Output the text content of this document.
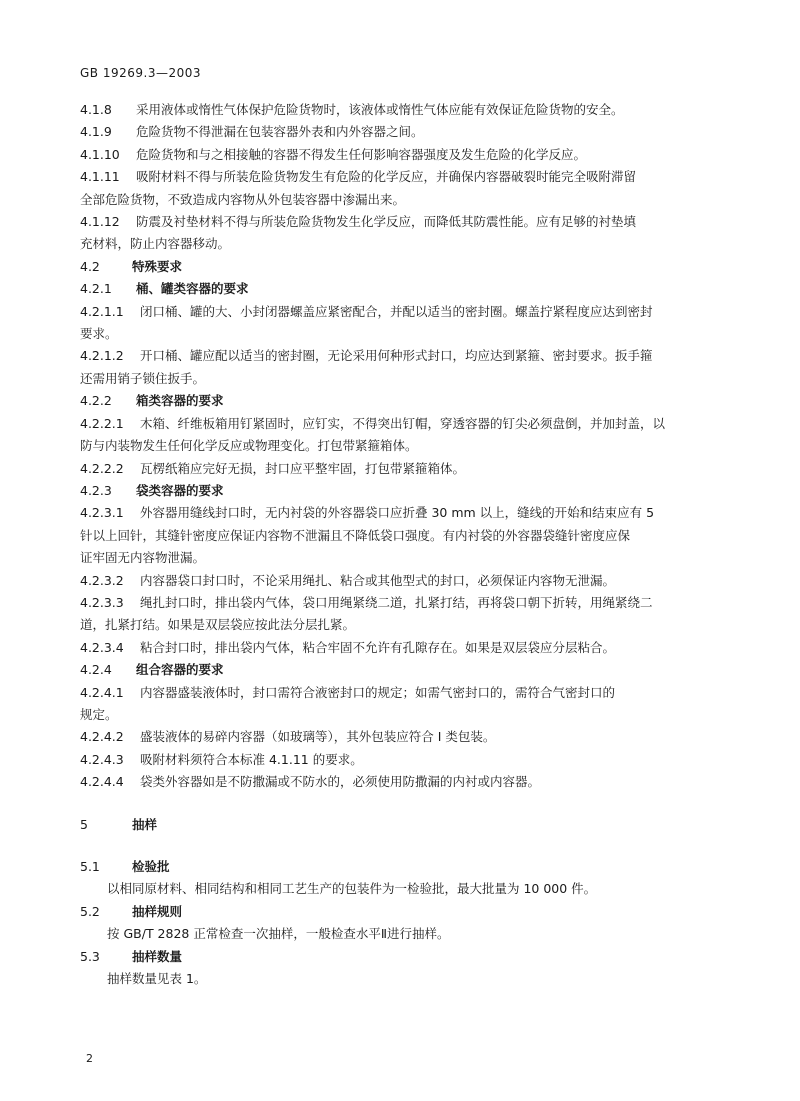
GB 19269.3—2003
4.1.8 采用液体或惰性气体保护危险货物时，该液体或惰性气体应能有效保证危险货物的安全。
4.1.9 危险货物不得泄漏在包装容器外表和内外容器之间。
4.1.10 危险货物和与之相接触的容器不得发生任何影响容器强度及发生危险的化学反应。
4.1.11 吸附材料不得与所装危险货物发生有危险的化学反应，并确保内容器破裂时能完全吸附滞留
全部危险货物，不致造成内容物从外包装容器中渗漏出来。
4.1.12 防震及衬垫材料不得与所装危险货物发生化学反应，而降低其防震性能。应有足够的衬垫填
充材料，防止内容器移动。
4.2	特殊要求
4.2.1 桶、罐类容器的要求
4.2.1.1 闭口桶、罐的大、小封闭器螺盖应紧密配合，并配以适当的密封圈。螺盖拧紧程度应达到密封
要求。
4.2.1.2 开口桶、罐应配以适当的密封圈，无论采用何种形式封口，均应达到紧箍、密封要求。扳手箍
还需用销子锁住扳手。
4.2.2 箱类容器的要求
4.2.2.1 木箱、纤维板箱用钉紧固时，应钉实，不得突出钉帽，穿透容器的钉尖必须盘倒，并加封盖，以
防与内装物发生任何化学反应或物理变化。打包带紧箍箱体。
4.2.2.2 瓦楞纸箱应完好无损，封口应平整牢固，打包带紧箍箱体。
4.2.3 袋类容器的要求
4.2.3.1 外容器用缝线封口时，无内衬袋的外容器袋口应折叠 30 mm 以上，缝线的开始和结束应有 5
针以上回针，其缝针密度应保证内容物不泄漏且不降低袋口强度。有内衬袋的外容器袋缝针密度应保
证牢固无内容物泄漏。
4.2.3.2 内容器袋口封口时，不论采用绳扎、粘合或其他型式的封口，必须保证内容物无泄漏。
4.2.3.3 绳扎封口时，排出袋内气体，袋口用绳紧绕二道，扎紧打结，再将袋口朝下折转，用绳紧绕二
道，扎紧打结。如果是双层袋应按此法分层扎紧。
4.2.3.4 粘合封口时，排出袋内气体，粘合牢固不允许有孔隙存在。如果是双层袋应分层粘合。
4.2.4 组合容器的要求
4.2.4.1 内容器盛装液体时，封口需符合液密封口的规定；如需气密封口的，需符合气密封口的
规定。
4.2.4.2 盛装液体的易碎内容器（如玻璃等），其外包装应符合 I 类包装。
4.2.4.3 吸附材料须符合本标准 4.1.11 的要求。
4.2.4.4 袋类外容器如是不防撒漏或不防水的，必须使用防撒漏的内衬或内容器。
5	抽样
5.1	检验批
以相同原材料、相同结构和相同工艺生产的包装件为一检验批，最大批量为 10 000 件。
5.2	抽样规则
按 GB/T 2828 正常检查一次抽样，一般检查水平Ⅱ进行抽样。
5.3	抽样数量
抽样数量见表 1。
2
